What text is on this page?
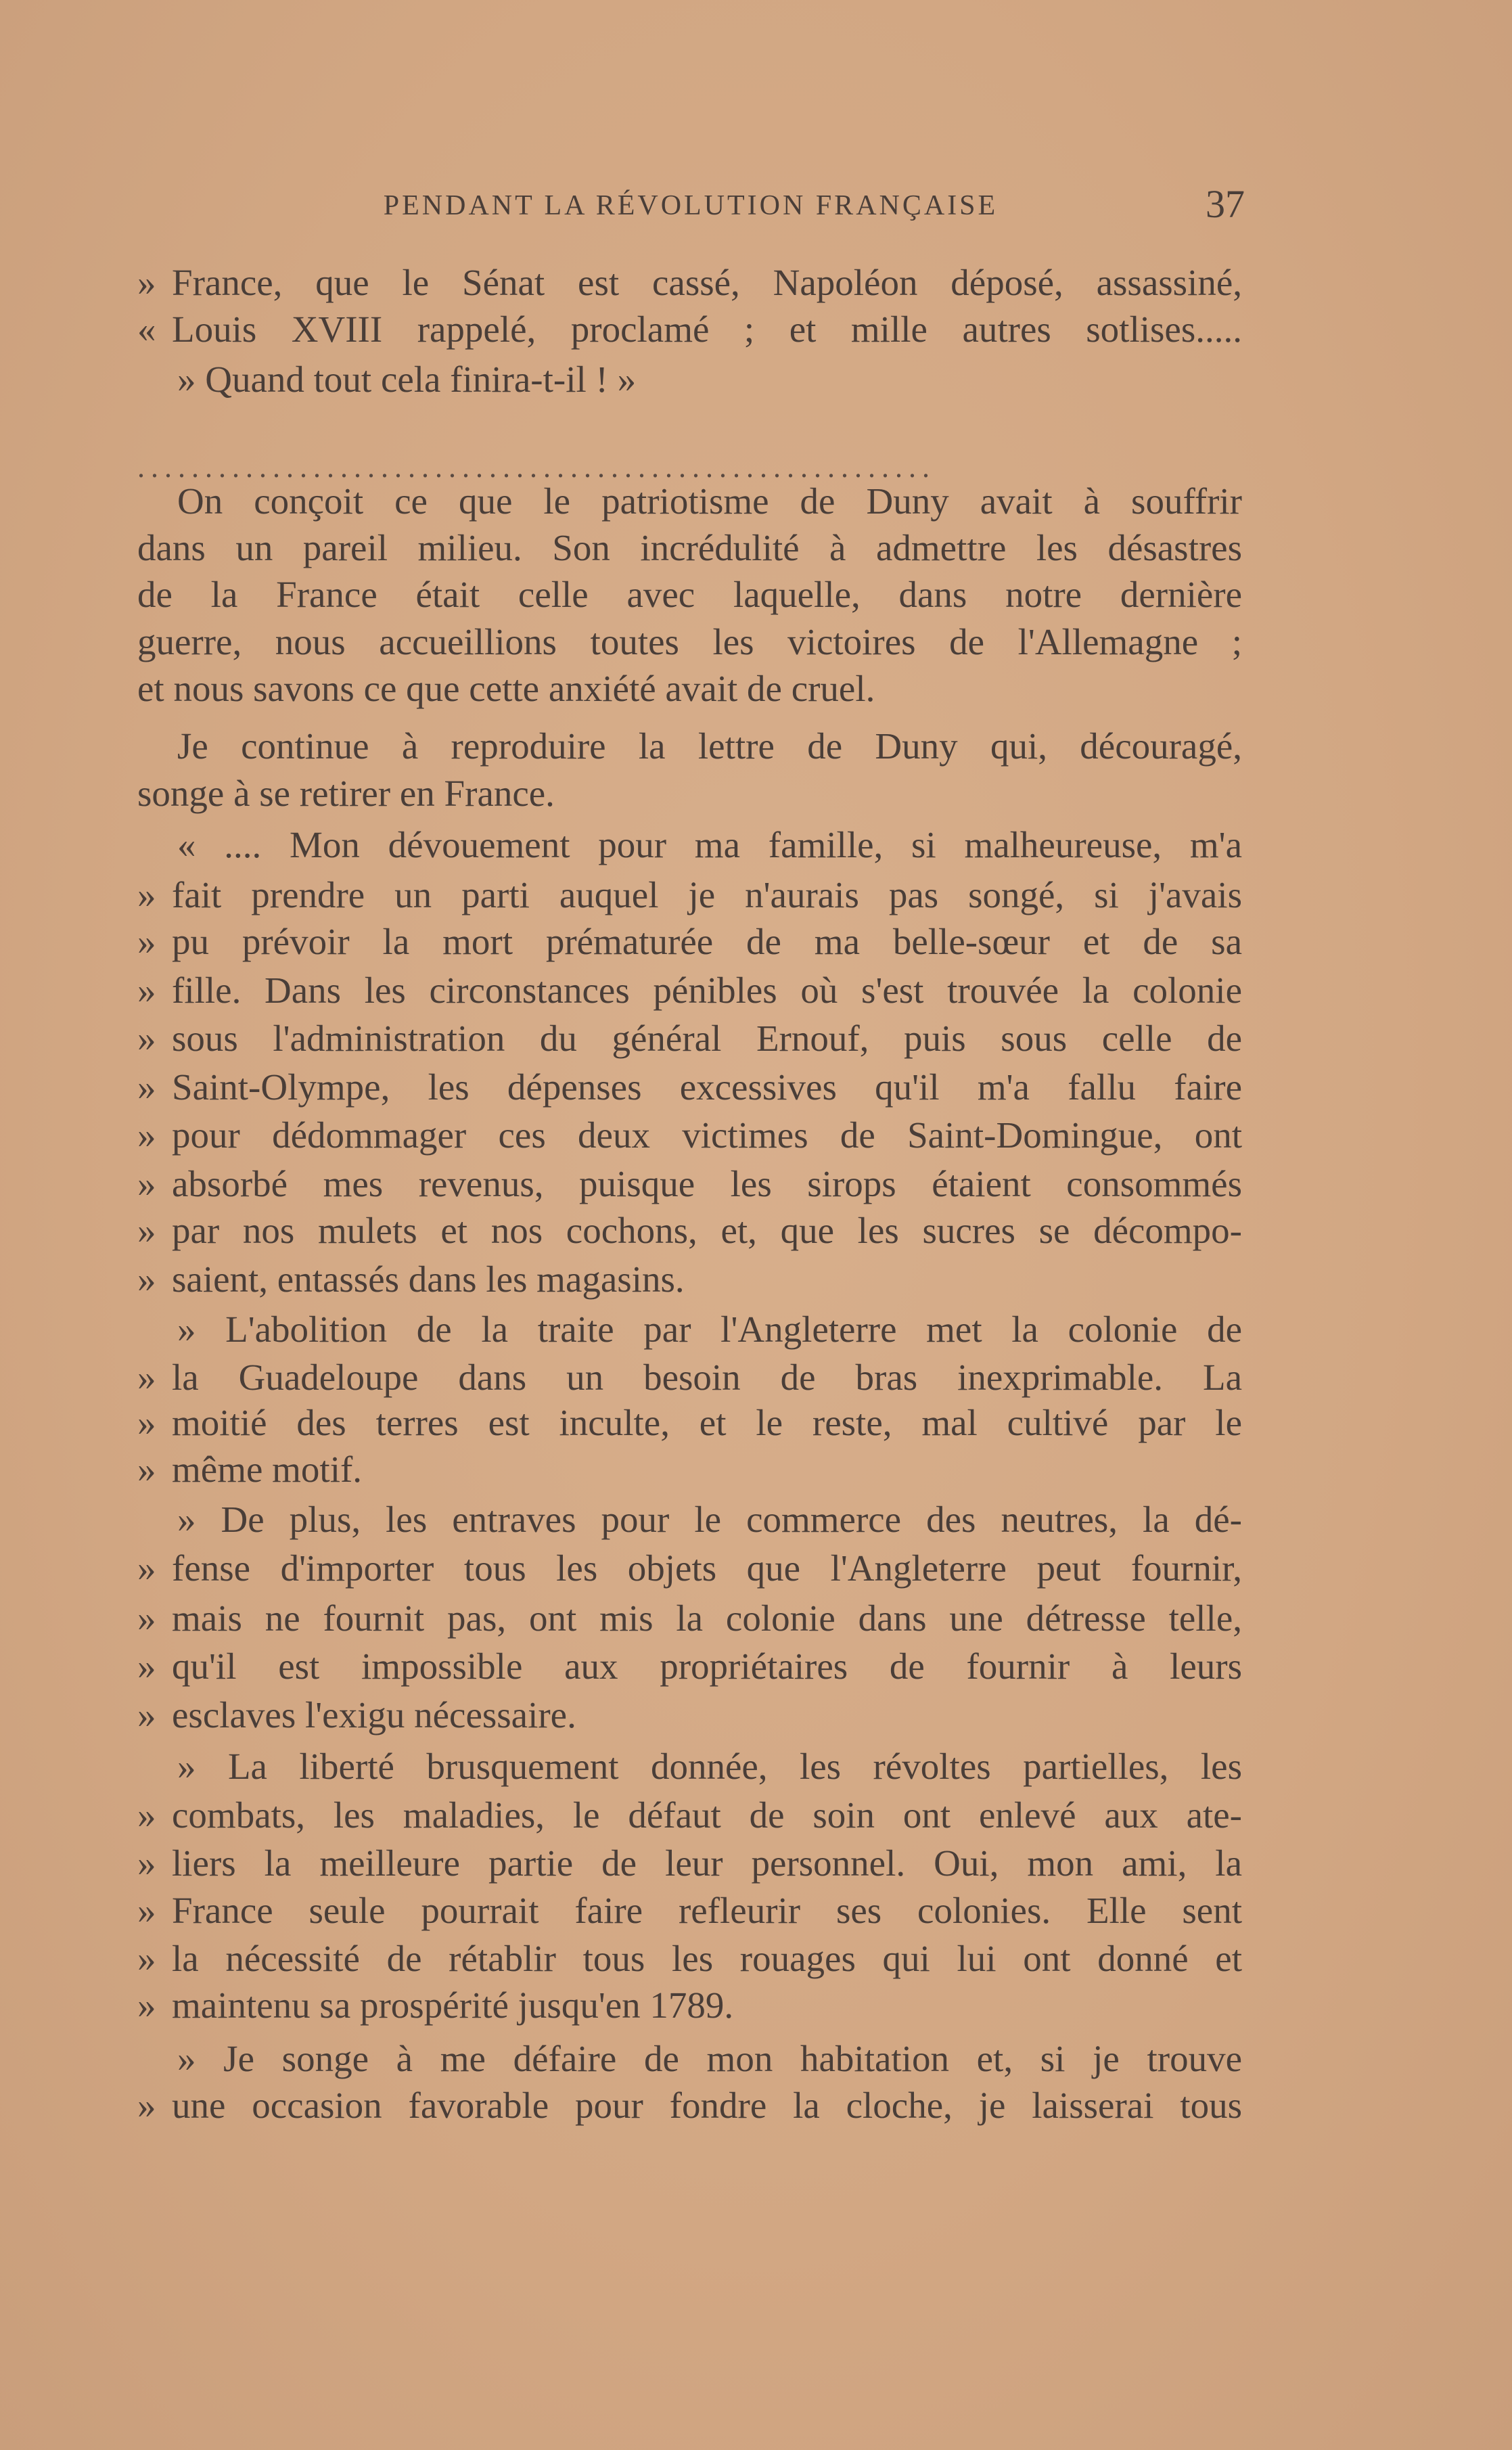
PENDANT LA RÉVOLUTION FRANÇAISE	37
...........................................................
» France, que le Sénat est cassé, Napoléon déposé, assassiné,
« Louis XVIII rappelé, proclamé ; et mille autres sotlises.....
» Quand tout cela finira-t-il ! »
On conçoit ce que le patriotisme de Duny avait à souffrir
dans un pareil milieu. Son incrédulité à admettre les désastres
de la France était celle avec laquelle, dans notre dernière
guerre, nous accueillions toutes les victoires de l'Allemagne ;
et nous savons ce que cette anxiété avait de cruel.
Je continue à reproduire la lettre de Duny qui, découragé,
songe à se retirer en France.
« .... Mon dévouement pour ma famille, si malheureuse, m'a
» fait prendre un parti auquel je n'aurais pas songé, si j'avais
» pu prévoir la mort prématurée de ma belle-sœur et de sa
» fille. Dans les circonstances pénibles où s'est trouvée la colonie
» sous l'administration du général Ernouf, puis sous celle de
» Saint-Olympe, les dépenses excessives qu'il m'a fallu faire
» pour dédommager ces deux victimes de Saint-Domingue, ont
» absorbé mes revenus, puisque les sirops étaient consommés
» par nos mulets et nos cochons, et, que les sucres se décompo-
» saient, entassés dans les magasins.
» L'abolition de la traite par l'Angleterre met la colonie de
» la Guadeloupe dans un besoin de bras inexprimable. La
» moitié des terres est inculte, et le reste, mal cultivé par le
» même motif.
» De plus, les entraves pour le commerce des neutres, la dé-
» fense d'importer tous les objets que l'Angleterre peut fournir,
» mais ne fournit pas, ont mis la colonie dans une détresse telle,
» qu'il est impossible aux propriétaires de fournir à leurs
» esclaves l'exigu nécessaire.
» La liberté brusquement donnée, les révoltes partielles, les
» combats, les maladies, le défaut de soin ont enlevé aux ate-
» liers la meilleure partie de leur personnel. Oui, mon ami, la
» France seule pourrait faire refleurir ses colonies. Elle sent
» la nécessité de rétablir tous les rouages qui lui ont donné et
» maintenu sa prospérité jusqu'en 1789.
» Je songe à me défaire de mon habitation et, si je trouve
» une occasion favorable pour fondre la cloche, je laisserai tous
